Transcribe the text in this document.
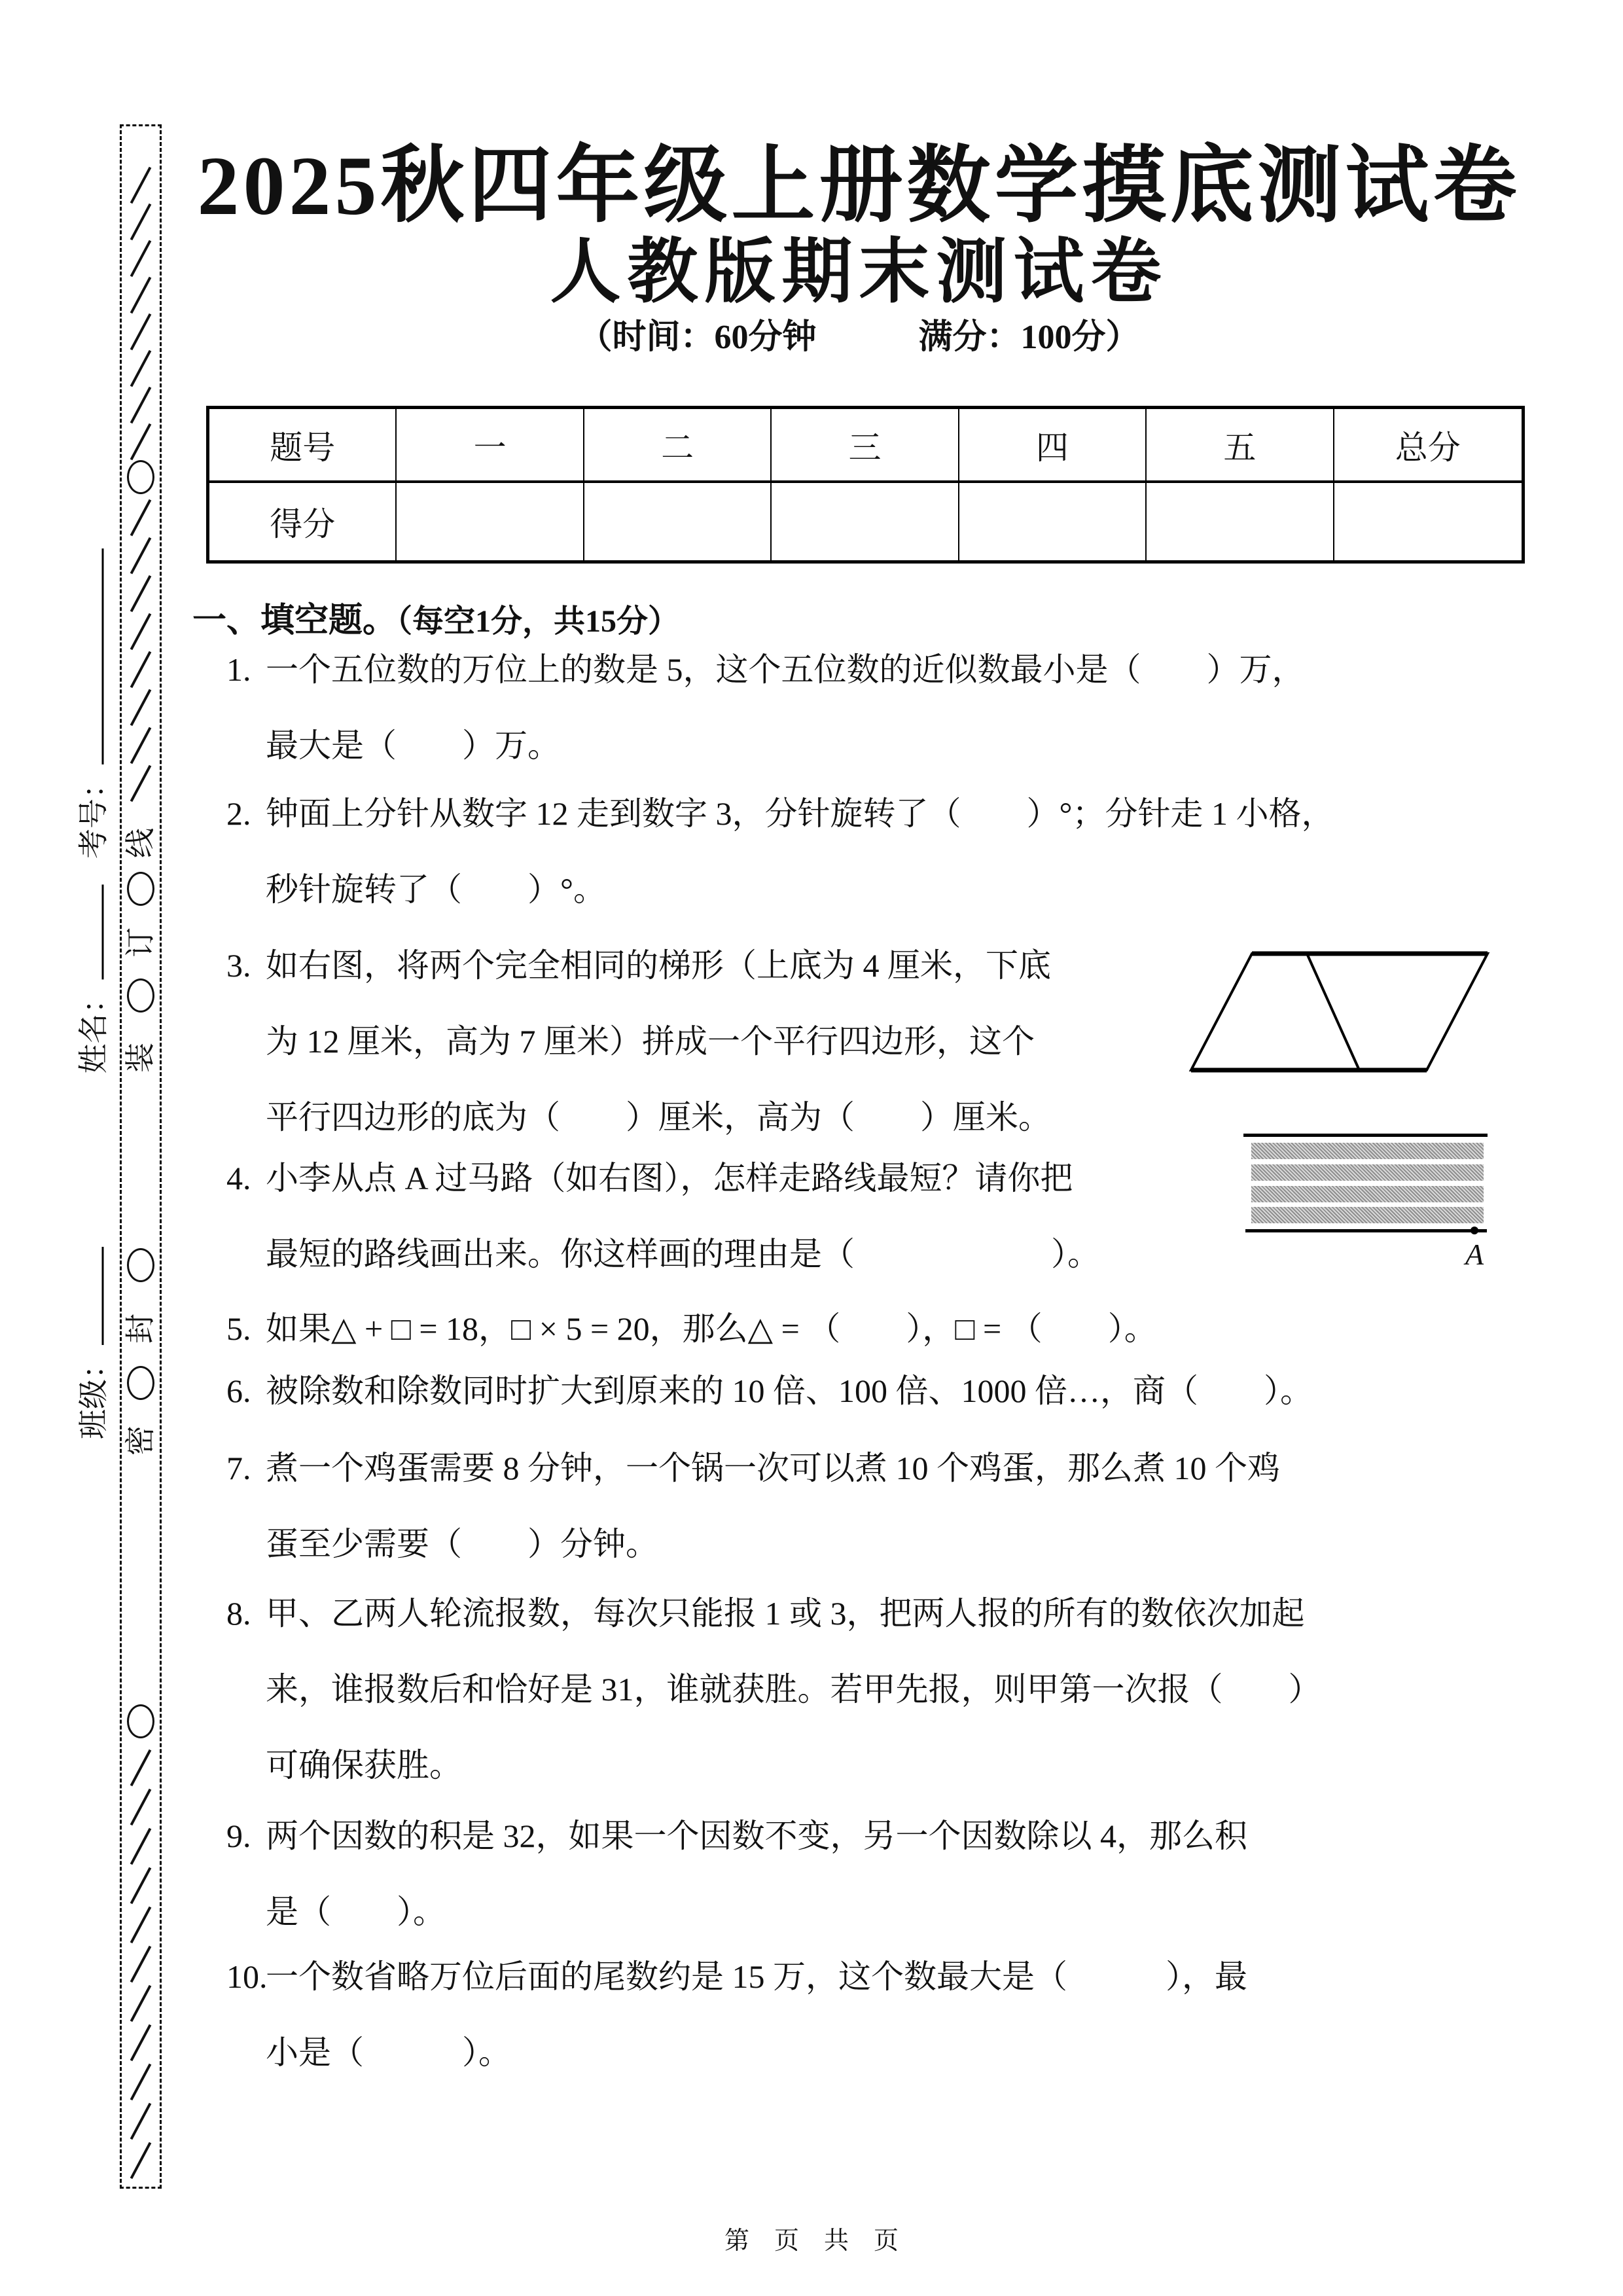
线
订
装
封
密
考号：
姓名：
班级：
2025秋四年级上册数学摸底测试卷
人教版期末测试卷
（时间：60分钟　　　满分：100分）
题号	一	二	三	四	五	总分
得分
一、填空题。（每空1分，共15分）
1. 一个五位数的万位上的数是 5，这个五位数的近似数最小是（　　）万，
最大是（　　）万。
2. 钟面上分针从数字 12 走到数字 3，分针旋转了（　　）°；分针走 1 小格，
秒针旋转了（　　）°。
3. 如右图，将两个完全相同的梯形（上底为 4 厘米，下底
为 12 厘米，高为 7 厘米）拼成一个平行四边形，这个
平行四边形的底为（　　）厘米，高为（　　）厘米。
4. 小李从点 A 过马路（如右图），怎样走路线最短？请你把
最短的路线画出来。你这样画的理由是（　　　　　　）。
5. 如果△ + □ = 18，□ × 5 = 20，那么△ = （　　），□ = （　　）。
6. 被除数和除数同时扩大到原来的 10 倍、100 倍、1000 倍…，商（　　）。
7. 煮一个鸡蛋需要 8 分钟，一个锅一次可以煮 10 个鸡蛋，那么煮 10 个鸡
蛋至少需要（　　）分钟。
8. 甲、乙两人轮流报数，每次只能报 1 或 3，把两人报的所有的数依次加起
来，谁报数后和恰好是 31，谁就获胜。若甲先报，则甲第一次报（　　）
可确保获胜。
9. 两个因数的积是 32，如果一个因数不变，另一个因数除以 4，那么积
是（　　）。
10.一个数省略万位后面的尾数约是 15 万，这个数最大是（　　　），最
小是（　　　）。
A
第　页　共　页
